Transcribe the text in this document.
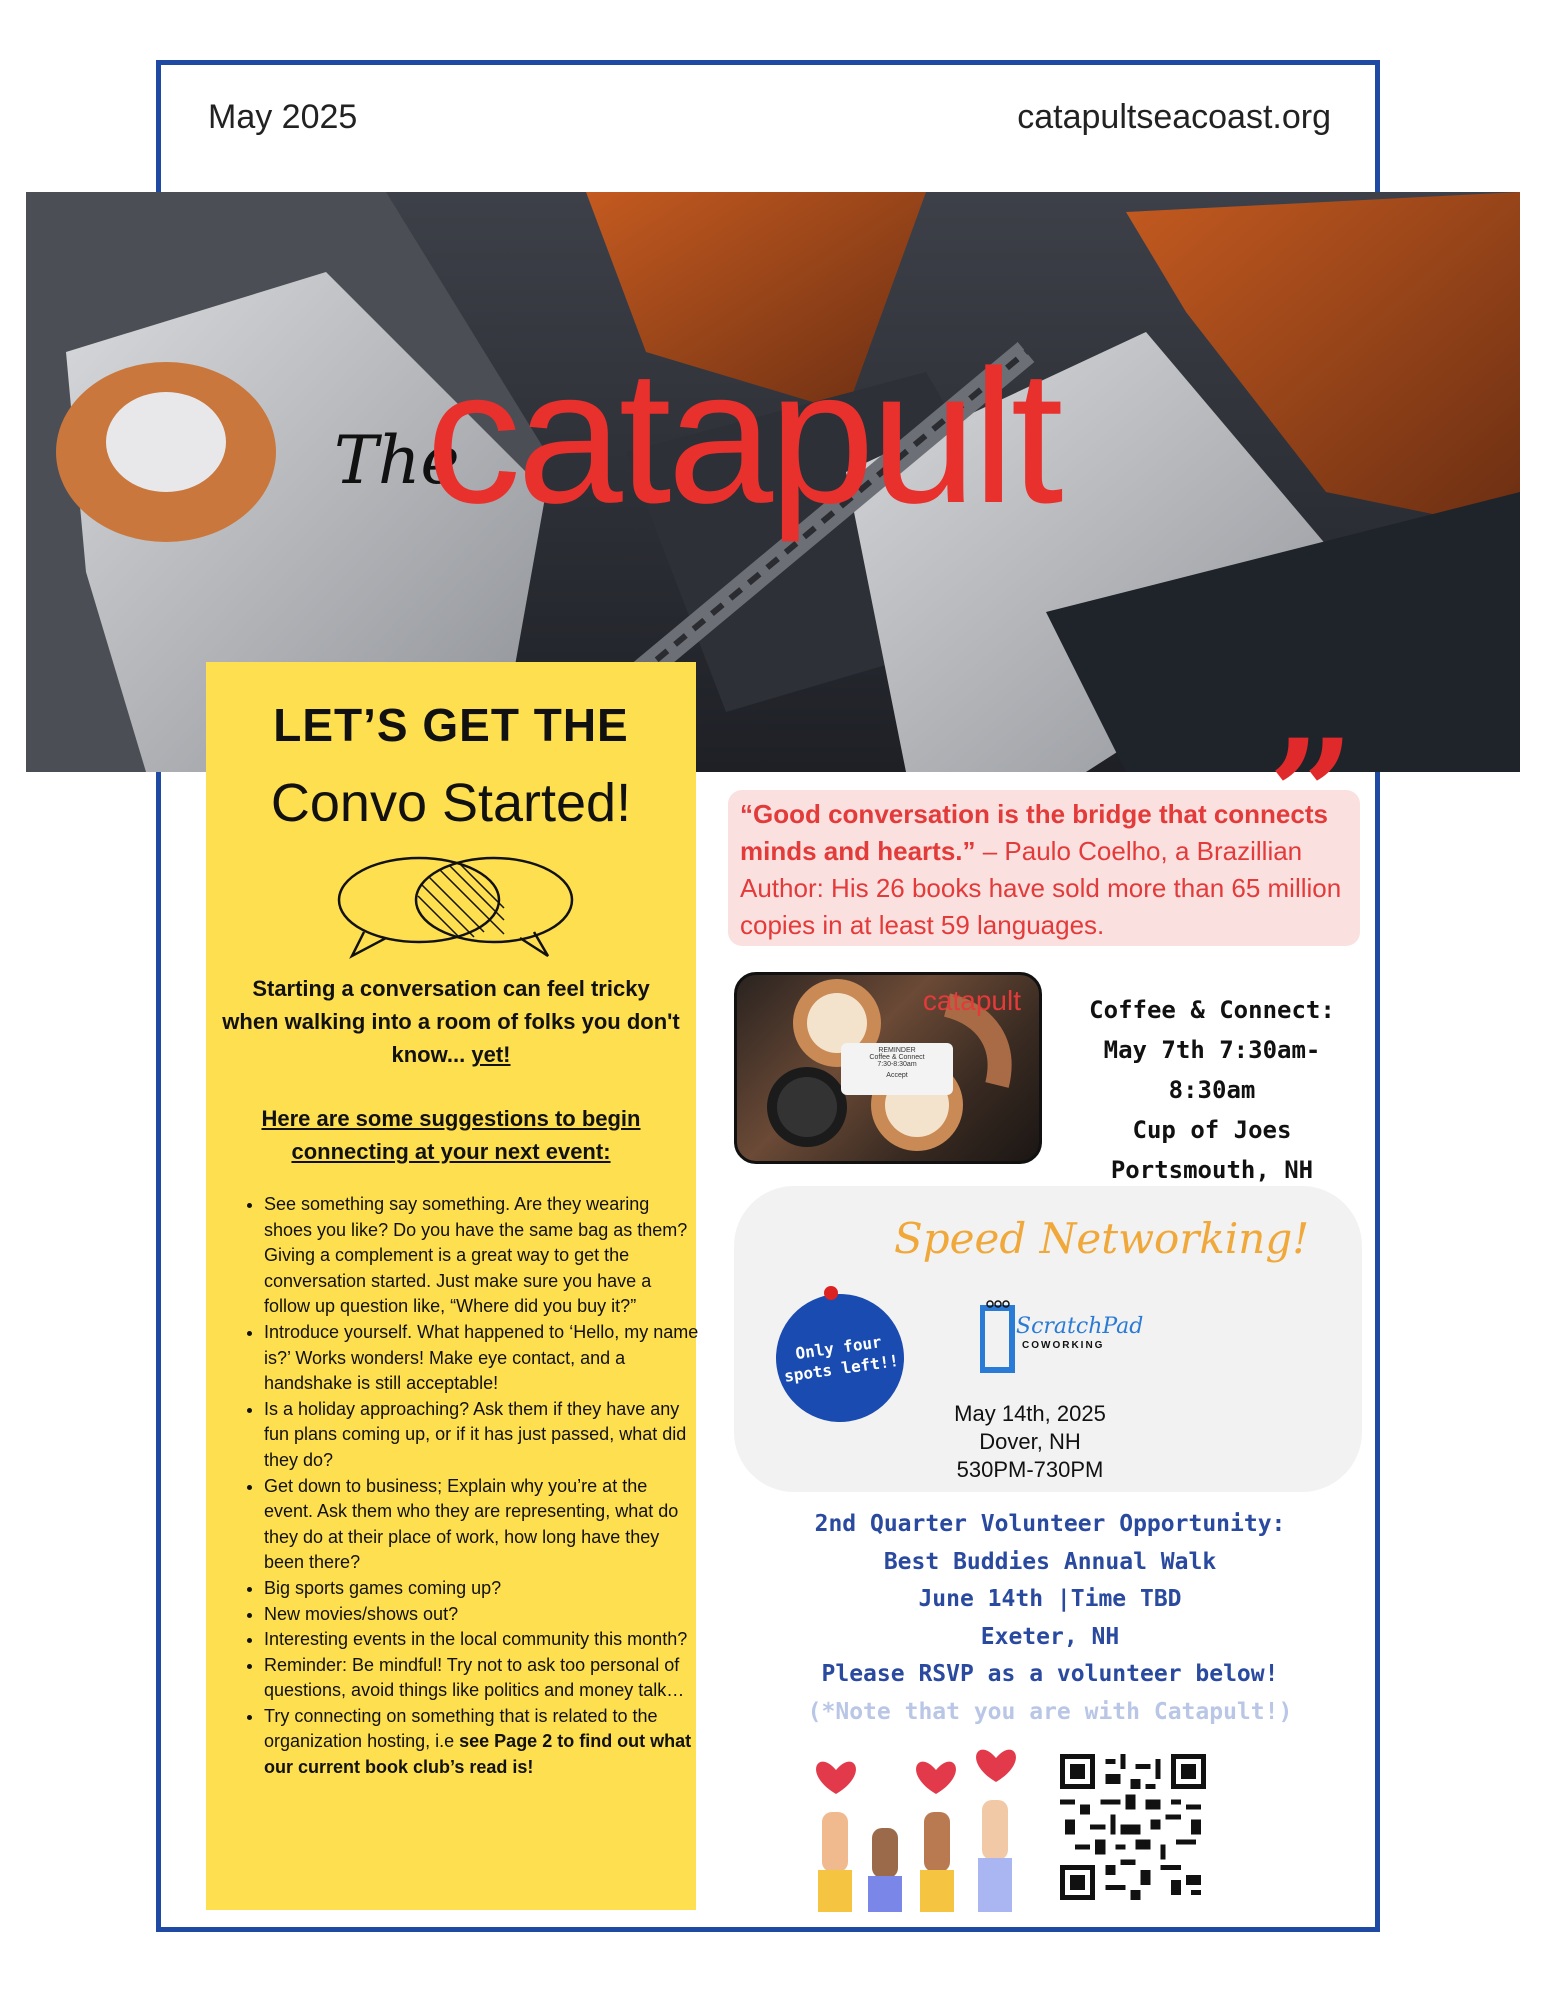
May 2025	catapultseacoast.org
The
catapult
LET’S GET THE
Convo Started!
Starting a conversation can feel tricky when walking into a room of folks you don't know... yet!
Here are some suggestions to begin connecting at your next event:
• See something say something. Are they wearing shoes you like? Do you have the same bag as them? Giving a complement is a great way to get the conversation started. Just make sure you have a follow up question like, “Where did you buy it?”
• Introduce yourself. What happened to ‘Hello, my name is?’ Works wonders! Make eye contact, and a handshake is still acceptable!
• Is a holiday approaching? Ask them if they have any fun plans coming up, or if it has just passed, what did they do?
• Get down to business; Explain why you’re at the event. Ask them who they are representing, what do they do at their place of work, how long have they been there?
• Big sports games coming up?
• New movies/shows out?
• Interesting events in the local community this month?
• Reminder: Be mindful! Try not to ask too personal of questions, avoid things like politics and money talk…
• Try connecting on something that is related to the organization hosting, i.e see Page 2 to find out what our current book club’s read is!
“Good conversation is the bridge that connects minds and hearts.” – Paulo Coelho, a Brazillian Author: His 26 books have sold more than 65 million copies in at least 59 languages.
catapult
REMINDER
Coffee & Connect
7:30-8:30am
Accept
Coffee & Connect:
May 7th 7:30am-8:30am
Cup of Joes
Portsmouth, NH
Speed Networking!
Only four spots left!!
ScratchPad
COWORKING
May 14th, 2025
Dover, NH
530PM-730PM
2nd Quarter Volunteer Opportunity:
Best Buddies Annual Walk
June 14th |Time TBD
Exeter, NH
Please RSVP as a volunteer below!
(*Note that you are with Catapult!)
